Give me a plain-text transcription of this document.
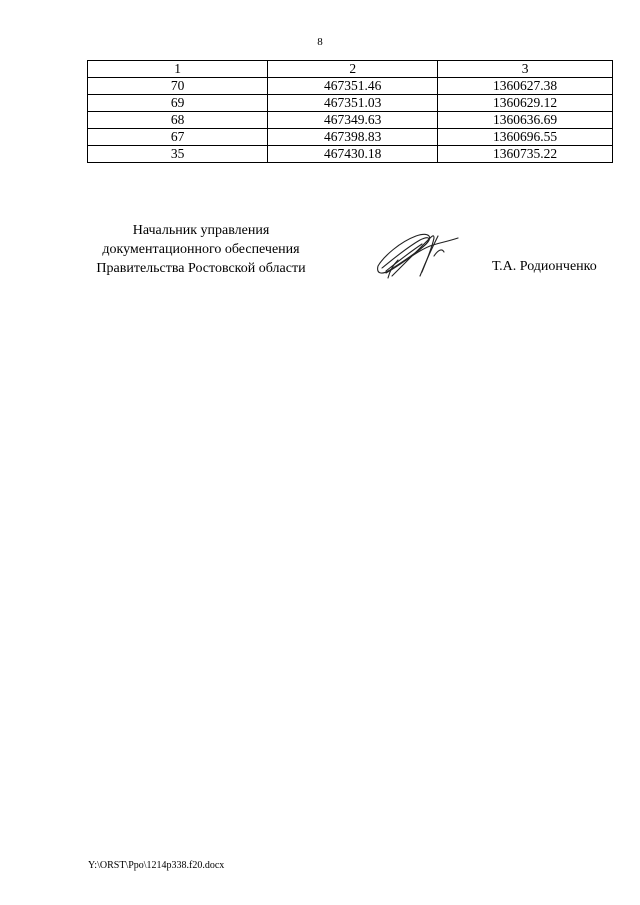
8
1	2	3
70	467351.46	1360627.38
69	467351.03	1360629.12
68	467349.63	1360636.69
67	467398.83	1360696.55
35	467430.18	1360735.22
Начальник управления
документационного обеспечения
Правительства Ростовской области	Т.А. Родионченко
Y:\ORST\Ppo\1214p338.f20.docx
